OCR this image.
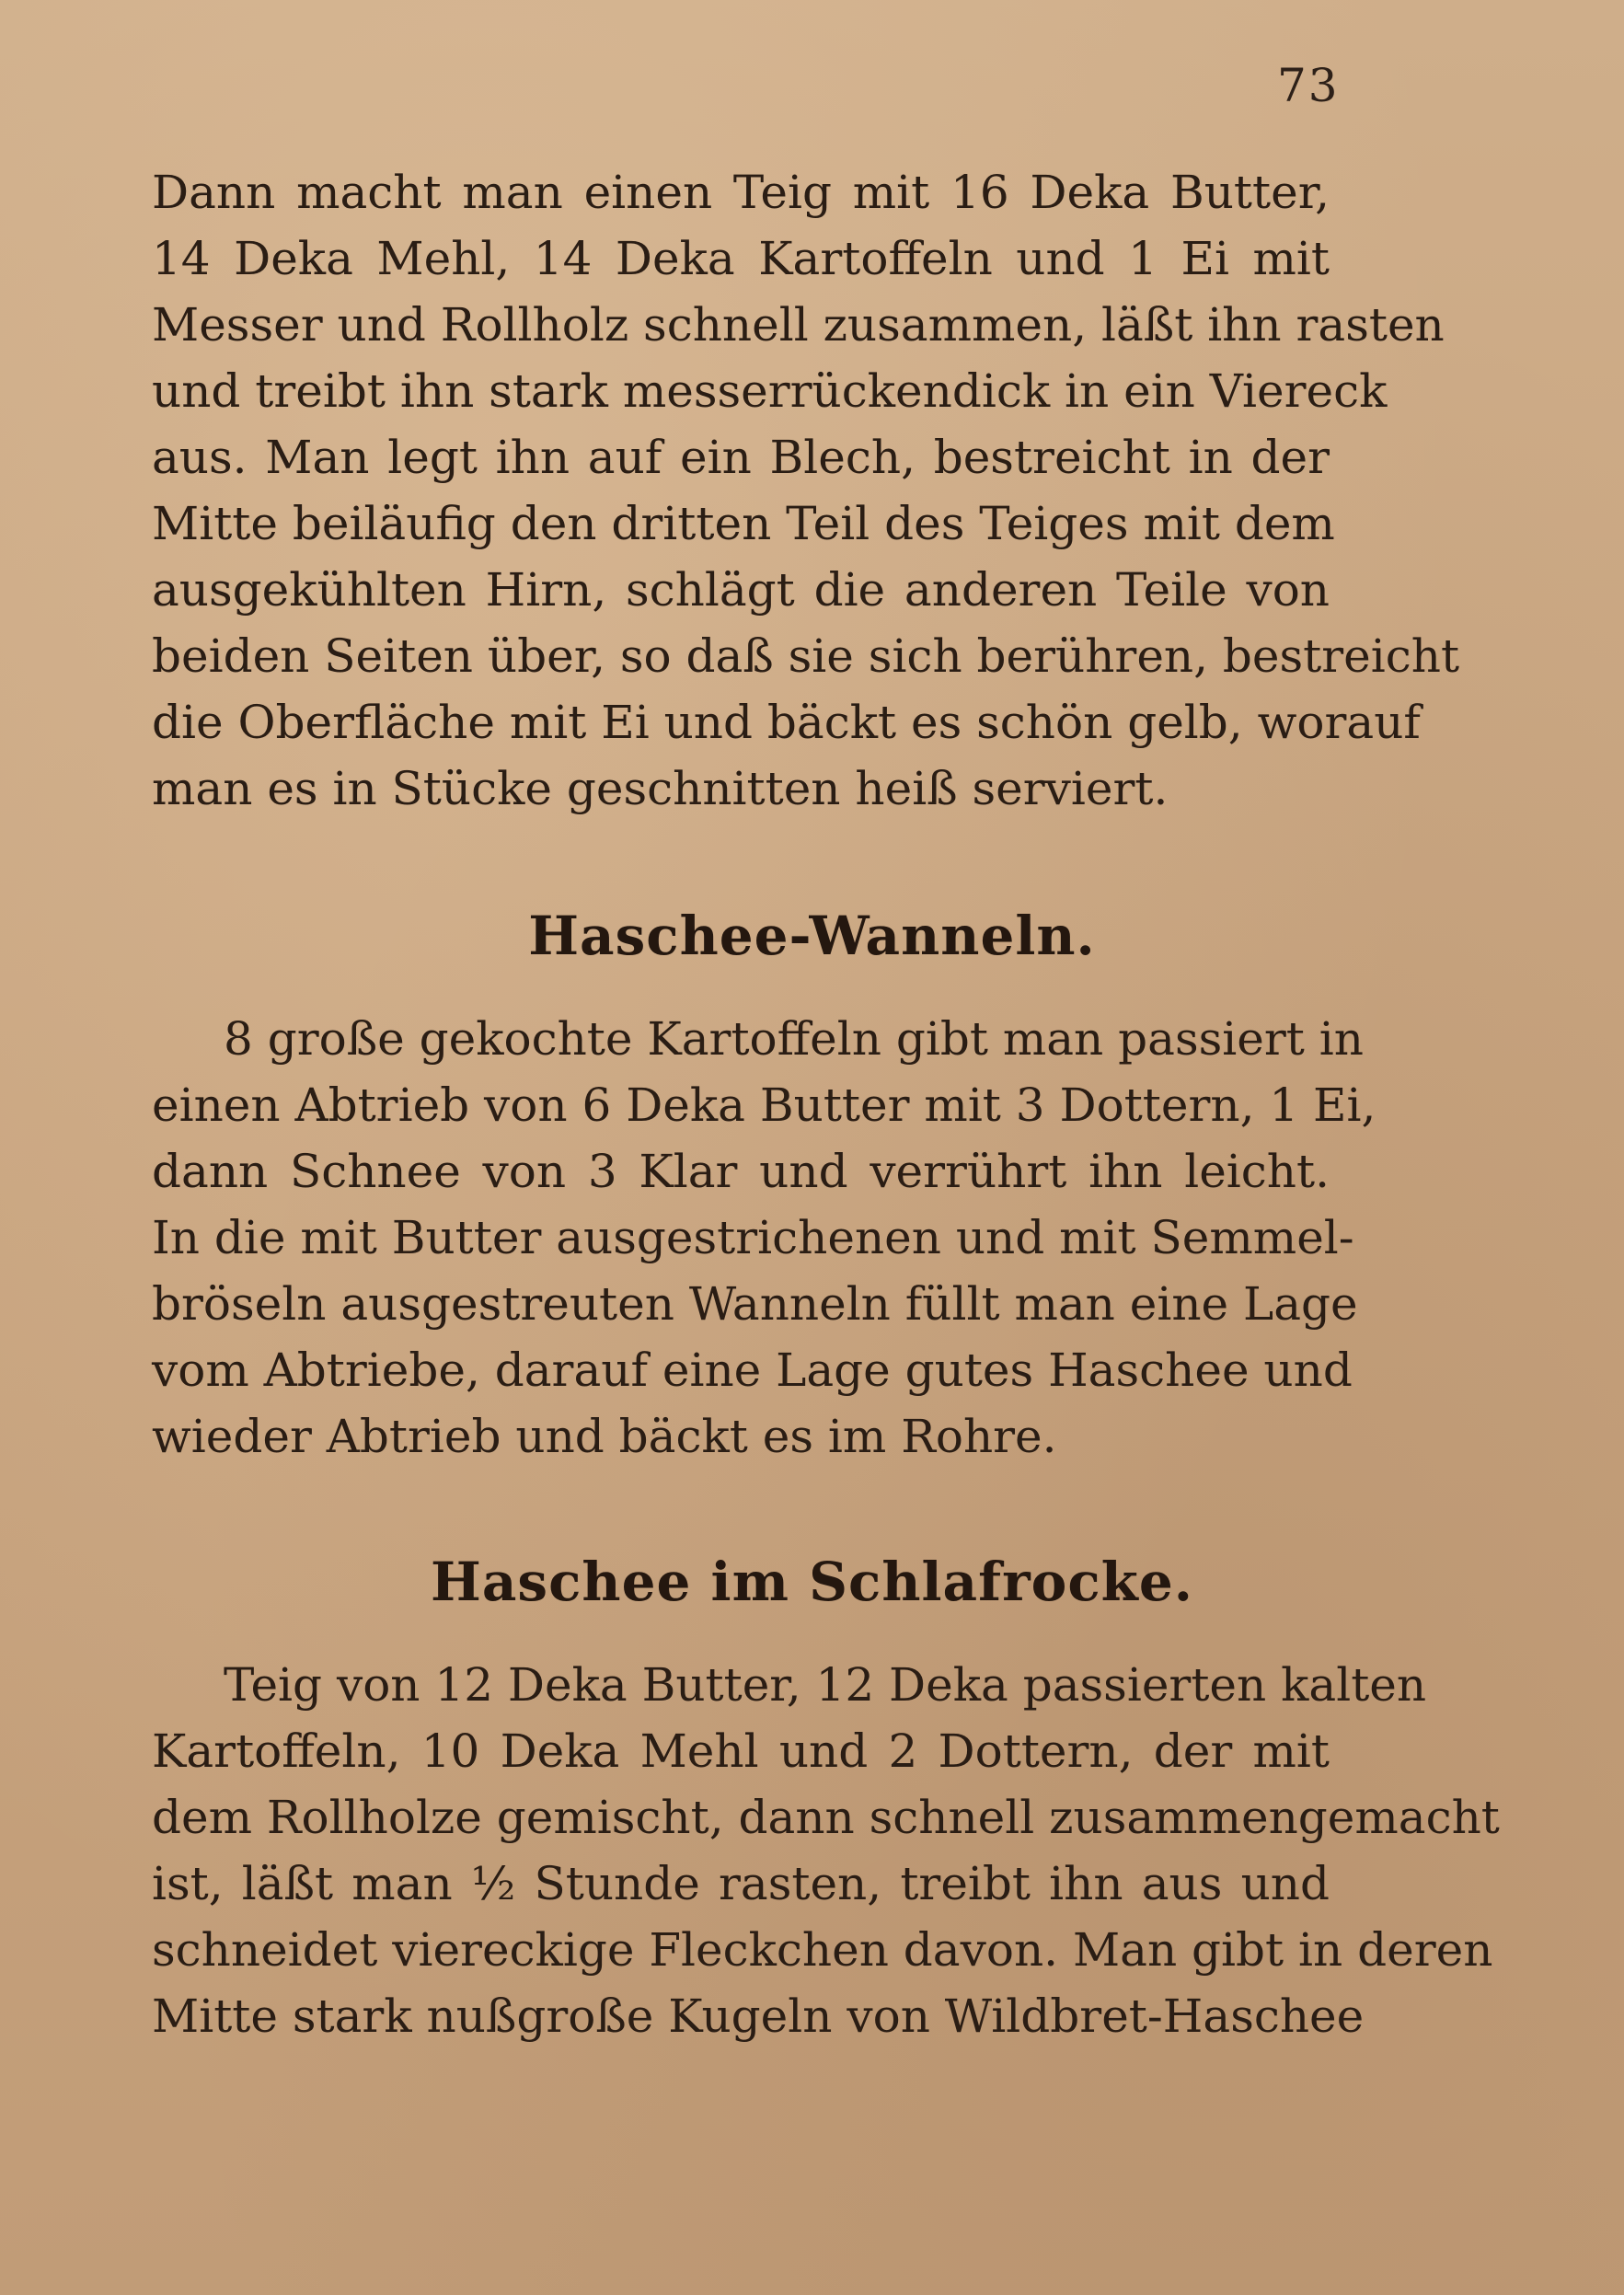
73
Dann macht man einen Teig mit 16 Deka Butter,
14 Deka Mehl, 14 Deka Kartoffeln und 1 Ei mit
Messer und Rollholz schnell zusammen, läßt ihn rasten
und treibt ihn stark messerrückendick in ein Viereck
aus. Man legt ihn auf ein Blech, bestreicht in der
Mitte beiläufig den dritten Teil des Teiges mit dem
ausgekühlten Hirn, schlägt die anderen Teile von
beiden Seiten über, so daß sie sich berühren, bestreicht
die Oberfläche mit Ei und bäckt es schön gelb, worauf
man es in Stücke geschnitten heiß serviert.
Haschee-Wanneln.
8 große gekochte Kartoffeln gibt man passiert in
einen Abtrieb von 6 Deka Butter mit 3 Dottern, 1 Ei,
dann Schnee von 3 Klar und verrührt ihn leicht.
In die mit Butter ausgestrichenen und mit Semmel-
bröseln ausgestreuten Wanneln füllt man eine Lage
vom Abtriebe, darauf eine Lage gutes Haschee und
wieder Abtrieb und bäckt es im Rohre.
Haschee im Schlafrocke.
Teig von 12 Deka Butter, 12 Deka passierten kalten
Kartoffeln, 10 Deka Mehl und 2 Dottern, der mit
dem Rollholze gemischt, dann schnell zusammengemacht
ist, läßt man ½ Stunde rasten, treibt ihn aus und
schneidet viereckige Fleckchen davon. Man gibt in deren
Mitte stark nußgroße Kugeln von Wildbret-Haschee
